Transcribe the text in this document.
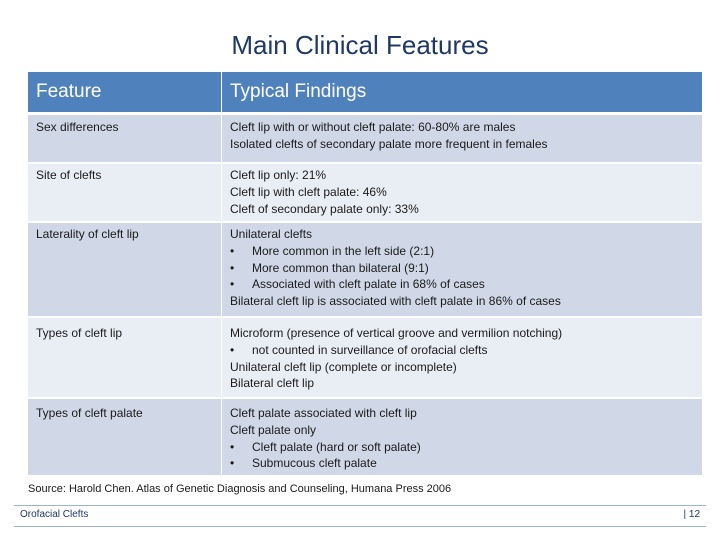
Main Clinical Features
Feature	Typical Findings
Sex differences	Cleft lip with or without cleft palate: 60-80% are males
Isolated clefts of secondary palate more frequent in females

Site of clefts	Cleft lip only: 21%
Cleft lip with cleft palate: 46%
Cleft of secondary palate only: 33%

Laterality of cleft lip	Unilateral clefts
• More common in the left side (2:1)
• More common than bilateral (9:1)
• Associated with cleft palate in 68% of cases
Bilateral cleft lip is associated with cleft palate in 86% of cases

Types of cleft lip	Microform (presence of vertical groove and vermilion notching)
• not counted in surveillance of orofacial clefts
Unilateral cleft lip (complete or incomplete)
Bilateral cleft lip

Types of cleft palate	Cleft palate associated with cleft lip
Cleft palate only
• Cleft palate (hard or soft palate)
• Submucous cleft palate
Source: Harold Chen. Atlas of Genetic Diagnosis and Counseling, Humana Press 2006
Orofacial Clefts	| 12
